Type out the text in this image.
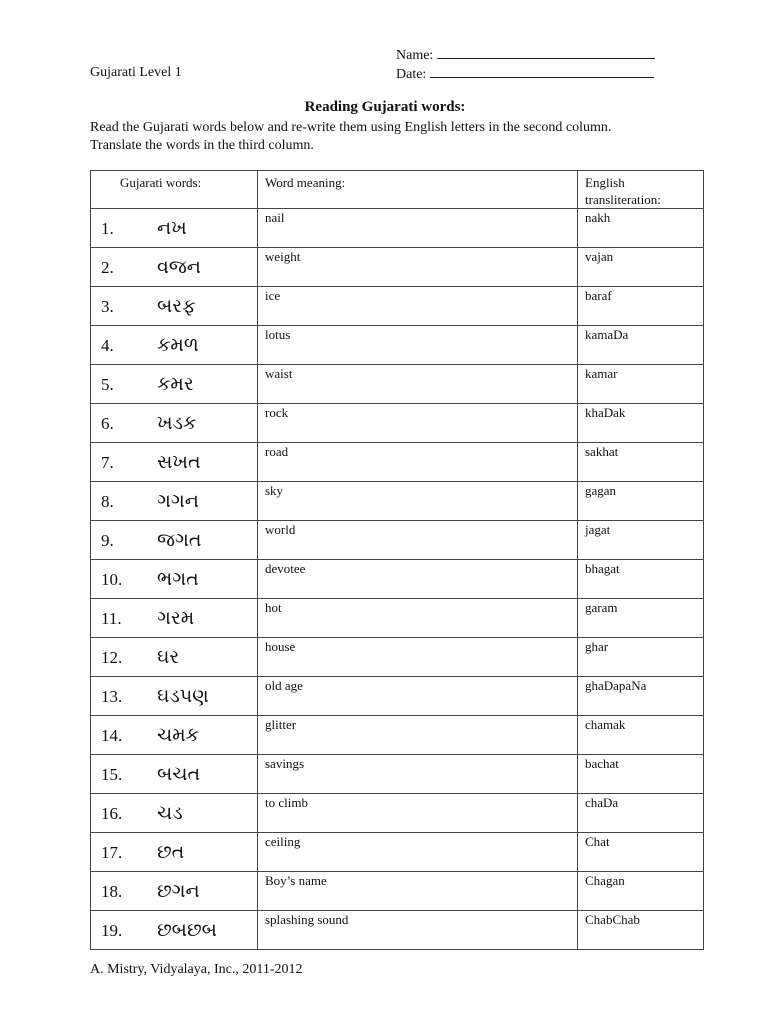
Name:
Date:
Gujarati Level 1
Reading Gujarati words:
Read the Gujarati words below and re-write them using English letters in the second column.
Translate the words in the third column.
Gujarati words:	Word meaning:	English transliteration:

1. નખ	nail	nakh

2. વજન	weight	vajan

3. બરફ	ice	baraf

4. કમળ	lotus	kamaDa

5. કમર	waist	kamar

6. ખડક	rock	khaDak

7. સખત	road	sakhat

8. ગગન	sky	gagan

9. જગત	world	jagat

10. ભગત	devotee	bhagat

11. ગરમ	hot	garam

12. ઘર	house	ghar

13. ઘડપણ	old age	ghaDapaNa

14. ચમક	glitter	chamak

15. બચત	savings	bachat

16. ચડ	to climb	chaDa

17. છત	ceiling	Chat

18. છગન	Boy’s name	Chagan

19. છબછબ	splashing sound	ChabChab
A. Mistry, Vidyalaya, Inc., 2011-2012
